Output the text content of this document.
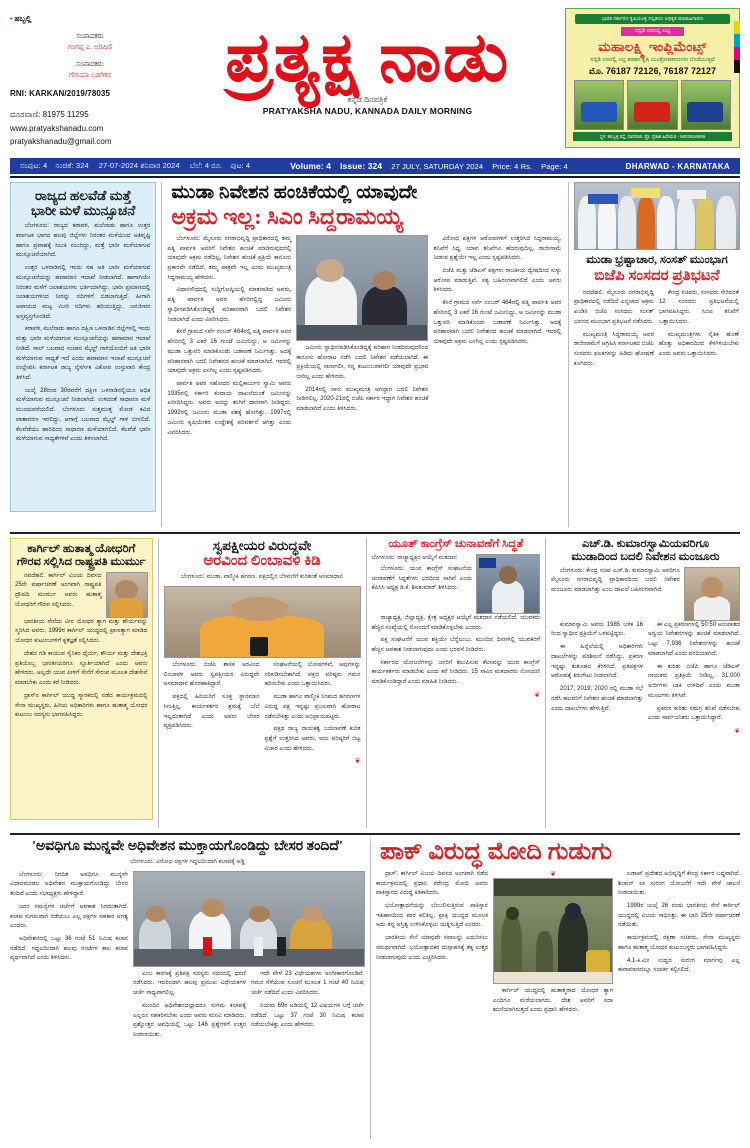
• ಹಬ್ಬಲ್ಲಿ
ಸಂಪಾದಕರು
ಗಂಗಪ್ಪ ಎ. ಅರಿಷಿಣಿ
ಸಂಪಾದಕರು
ಗೌಸಿಯಾ ಬಡಗಿಕರ
RNI: KARKAN/2019/78035
ದೂರವಾಣಿ: 81975 11295
www.pratyakshanadu.com
pratyakshanadu@gmail.com
ಪ್ರತ್ಯಕ್ಷ ನಾಡು
ಕನ್ನಡ ದಿನಪತ್ರಿಕೆ
PRATYAKSHA NADU, KANNADA DAILY MORNING
ಭಾರತ ಸರ್ಕಾರದ ಕೃಷಿಯಂತ್ರ ಸಬ್ಸಿಡಿಯ ಅಧಿಕೃತ ಮಾರಾಟಗಾರರು
ಸಬ್ಸಿಡಿ ದರದಲ್ಲಿ ಲಭ್ಯ
ಮಹಾಲಕ್ಷ್ಮಿ ಇಂಪ್ಲಿಮೆಂಟ್ಸ್
ಸಬ್ಸಿಡಿ ದರದಲ್ಲಿ ಎಲ್ಲ ತರಹದ ಕೃಷಿ ಯಂತ್ರೋಪಕರಣಗಳು ದೊರೆಯುತ್ತವೆ
ಮೊ. 76187 72126, 76187 72127
ಸ್ಥಳ: ಹುಬ್ಬಳ್ಳಿ ರಸ್ತೆ, ಧಾರವಾಡ. ಪ್ರೊ: ಪ್ರಕಾಶ ಹಿರೇಮಠ - 9833616999
ಸಂಪುಟ: 4 ಸಂಚಿಕೆ: 324 27-07-2024 ಶನಿವಾರ 2024 ಬೆಲೆ: 4 ರೂ. ಪುಟ: 4	Volume: 4 Issue: 324 27 JULY, SATURDAY 2024 Price: 4 Rs. Page: 4	DHARWAD - KARNATAKA
ರಾಜ್ಯದ ಹಲವೆಡೆ ಮತ್ತೆ
ಭಾರೀ ಮಳೆ ಮುನ್ಸೂಚನೆ

ಬೆಂಗಳೂರು: ರಾಜ್ಯದ ಕರಾವಳಿ, ಮಲೆನಾಡು ಹಾಗೂ ಉತ್ತರ ಕರ್ನಾಟಕ ಭಾಗದ ಹಲವು ಜಿಲ್ಲೆಗಳು ನಿರಂತರ ಮಳೆಯಿಂದ ಅತಿವೃಷ್ಟಿ ಹಾಗೂ ಪ್ರವಾಹಕ್ಕೆ ಸಿಲುಕಿ ನಲುಗಿದ್ದು, ಮತ್ತೆ ಭಾರೀ ಮಳೆಯಾಗುವ ಮುನ್ಸೂಚನೆಯಾಗಿದೆ.

ಉತ್ತರ ಒಳನಾಡಿನಲ್ಲಿ ಇಂದು ಸಹ ಅತಿ ಭಾರೀ ಮಳೆಯಾಗುವ ಮುನ್ಸೂಚನೆಯನ್ನು ಹವಾಮಾನ ಇಲಾಖೆ ನೀಡಲಾಗಿದೆ. ಹಾಗಾಗಿಯೇ ನಿರಂತರ ಮಳೆಗೆ ಜಲಾಶಯಗಳು ಭರ್ತಿಯಾಗಿದ್ದು, ಭಾರೀ ಪ್ರಮಾಣದಲ್ಲಿ ಜಲಾಶಯಗಳಿಂದ ನೀರನ್ನು ನದಿಗಳಿಗೆ ಬಿಡಲಾಗುತ್ತಿದೆ. ಹೀಗಾಗಿ ಅಪಾಯದ ಮಟ್ಟ ಮೀರಿ ನದಿಗಳು ಹರಿಯುತ್ತಿದ್ದು, ಜನಜೀವನ ಅಸ್ತವ್ಯಸ್ತಗೊಂಡಿದೆ.

ಕರಾವಳಿ, ಮಲೆನಾಡು ಹಾಗೂ ದಕ್ಷಿಣ ಒಳನಾಡಿನ ಜಿಲ್ಲೆಗಳಲ್ಲಿ ಇಂದು ಮತ್ತು ಭಾರೀ ಮಳೆಯಾಗುವ ಮುನ್ಸೂಚನೆಯನ್ನು ಹವಾಮಾನ ಇಲಾಖೆ ನೀಡಿದೆ. ಸಾಲ್ ಬಲವಾದ ಸಂಚಾರ ಮೈಲ್ಡ್ ಗಾಳಿಯೊಂದಿಗೆ ಅತಿ ಭಾರೀ ಮಳೆಯಾಗುವ ಸಾಧ್ಯತೆ ಇದೆ ಎಂದು ಹವಾಮಾನ ಇಲಾಖೆ ಮುನ್ಸೂಚನೆ ಉಲ್ಲೇಖಿಸಿ ಕರ್ನಾಟಕ ರಾಜ್ಯ ನೈಸರ್ಗಿಕ ವಿಕೋಪ ಉಸ್ತುವಾರಿ ಕೇಂದ್ರ ತಿಳಿಸಿದೆ.

ಜುಲೈ 28ರಿಂದ 30ರವರೆಗೆ ದಕ್ಷಿಣ ಒಳನಾಡಿನಲ್ಲಿಯೂ ಅಧಿಕ ಮಳೆಯಾಗುವ ಮುನ್ಸೂಚನೆ ನೀಡಲಾಗಿದೆ. ಉಳಿದಂತೆ ಸಾಧಾರಣ ಮಳೆ ಮುಂದುವರೆಯಲಿದೆ. ಬೆಂಗಳೂರು ಸುತ್ತಮುತ್ತ ಮೋಡ ಕವಿದ ವಾತಾವರಣ ಇರಲಿದ್ದು, ಆಗಾಗ್ಗೆ ಬಲವಾದ ಮೈಲ್ಡ್ ಗಾಳಿ ಬೀಸಲಿದೆ. ಕೆಲವೆಡೆಯು ಹಾರಿದಿಂದ ಸಾಧಾರಣ ಮಳೆಯಾಗಲಿದೆ. ಕೆಲವೆಡೆ ಭಾರೀ ಮಳೆಯಾಗುವ ಸಾಧ್ಯತೆಗಳಿವೆ ಎಂದು ತಿಳಿಸಲಾಗಿದೆ.

ಮುಡಾ ನಿವೇಶನ ಹಂಚಿಕೆಯಲ್ಲಿ ಯಾವುದೇ
ಅಕ್ರಮ ಇಲ್ಲ: ಸಿಎಂ ಸಿದ್ದರಾಮಯ್ಯ

ಬೆಂಗಳೂರು: ಮೈಸೂರು ನಗರಾಭಿವೃದ್ಧಿ ಪ್ರಾಧಿಕಾರದಲ್ಲಿ ತಮ್ಮ ಪತ್ನಿ ಪಾರ್ವತಿ ಅವರಿಗೆ ನಿವೇಶನ ಹಂಚಿಕೆ ಮಾಡಿರುವುದರಲ್ಲಿ ಯಾವುದೇ ಅಕ್ರಮ ನಡೆದಿಲ್ಲ, ನಿವೇಶನ ಹಂಚಿಕೆ ಪ್ರಕ್ರಿಯೆ ಕಾನೂನು ಪ್ರಕಾರವೇ ನಡೆದಿದೆ, ತಮ್ಮ ಪಾತ್ರವೇ ಇಲ್ಲ ಎಂದು ಮುಖ್ಯಮಂತ್ರಿ ಸಿದ್ದರಾಮಯ್ಯ ಹೇಳಿದರು.

ವಿಧಾನಸೌಧದಲ್ಲಿ ಸುದ್ದಿಗೋಷ್ಠಿಯಲ್ಲಿ ಮಾತನಾಡಿದ ಅವರು, ಪತ್ನಿ ಪಾರ್ವತಿ ಅವರ ಹೆಸರಿನಲ್ಲಿದ್ದ ಜಮೀನು ಸ್ವಾಧೀನಪಡಿಸಿಕೊಂಡಿದ್ದಕ್ಕೆ ಪರಿಹಾರವಾಗಿ ಬದಲಿ ನಿವೇಶನ ನೀಡಲಾಗಿದೆ ಎಂದು ವಿವರಿಸಿದರು.

ಕೆಸರೆ ಗ್ರಾಮದ ಸರ್ವೆ ನಂಬರ್ 464ರಲ್ಲಿ ಪತ್ನಿ ಪಾರ್ವತಿ ಅವರ ಹೆಸರಿನಲ್ಲಿ 3 ಎಕರೆ 16 ಗುಂಟೆ ಜಮೀನಿದ್ದು, ಆ ಜಮೀನನ್ನು ಮುಡಾ ಒತ್ತುವರಿ ಮಾಡಿಕೊಂಡು ಬಡಾವಣೆ ನಿರ್ಮಿಸಿತ್ತು. ಅದಕ್ಕೆ ಪರಿಹಾರವಾಗಿ ಬದಲಿ ನಿವೇಶನದ ಹಂಚಿಕೆ ಮಾಡಲಾಗಿದೆ. ಇದರಲ್ಲಿ ಯಾವುದೇ ಅಕ್ರಮ ಎಸಗಿಲ್ಲ ಎಂದು ಸ್ಪಷ್ಟಪಡಿಸಿದರು.

ಪಾರ್ವತಿ ಅವರ ಸಹೋದರ ಮಲ್ಲಿಕಾರ್ಜುನ ಸ್ವಾಮಿ ಅವರು 1935ರಲ್ಲಿ ಸರ್ಕಾರಿ ಕಂದಾಯ ದಾಖಲೆಯಂತೆ ಜಮೀನನ್ನು ಖರೀದಿಸಿದ್ದರು. ಅವರು ಅದನ್ನು ತಂಗಿಗೆ ದಾನವಾಗಿ ನೀಡಿದ್ದರು. 1992ರಲ್ಲಿ ಜಮೀನು ಮುಡಾ ವಶಕ್ಕೆ ಹೋಗಿತ್ತು. 1997ರಲ್ಲಿ ಜಮೀನು ಕೃಷಿಯೇತರ ಉದ್ದೇಶಕ್ಕೆ ಪರಿವರ್ತನೆ ಆಗಿತ್ತು ಎಂದು ವಿವರಿಸಿದರು.

ಜಮೀನು ಸ್ವಾಧೀನಪಡಿಸಿಕೊಂಡಿದ್ದಕ್ಕೆ ಪರಿಹಾರ ನೀಡದಿರುವುದರಿಂದ ಕಾನೂನು ಹೋರಾಟ ನಡೆಸಿ ಬದಲಿ ನಿವೇಶನ ಪಡೆಯಲಾಗಿದೆ. ಈ ಪ್ರಕ್ರಿಯೆಯಲ್ಲಿ ನಾನಾಗಲೀ, ನನ್ನ ಕುಟುಂಬವಾಗಲೀ ಯಾವುದೇ ಪ್ರಭಾವ ಬೀರಿಲ್ಲ ಎಂದು ಹೇಳಿದರು.

2014ರಲ್ಲಿ ನಾನು ಮುಖ್ಯಮಂತ್ರಿ ಆಗಿದ್ದಾಗ ಬದಲಿ ನಿವೇಶನ ನೀಡಿರಲಿಲ್ಲ. 2020-21ರಲ್ಲಿ ಬಿಜೆಪಿ ಸರ್ಕಾರ ಇದ್ದಾಗ ನಿವೇಶನ ಹಂಚಿಕೆ ಮಾಡಲಾಗಿದೆ ಎಂದು ತಿಳಿಸಿದರು.

ವಿರೋಧ ಪಕ್ಷಗಳ ಆರೋಪಗಳಿಗೆ ಉತ್ತರಿಸಿದ ಸಿದ್ದರಾಮಯ್ಯ, ತನಿಖೆಗೆ ಸಿದ್ಧ, ಯಾವ ತನಿಖೆಗೂ ಹೆದರುವುದಿಲ್ಲ. ರಾಜೀನಾಮೆ ನೀಡುವ ಪ್ರಶ್ನೆಯೇ ಇಲ್ಲ ಎಂದು ಸ್ಪಷ್ಟಪಡಿಸಿದರು.

ಬಿಜೆಪಿ ಮತ್ತು ಜೆಡಿಎಸ್ ಪಕ್ಷಗಳು ರಾಜಕೀಯ ದ್ವೇಷದಿಂದ ಸುಳ್ಳು ಆರೋಪ ಮಾಡುತ್ತಿವೆ. ಸತ್ಯ ಬಹಿರಂಗವಾಗಲಿದೆ ಎಂದು ಅವರು ತಿಳಿಸಿದರು.

ಕೆಸರೆ ಗ್ರಾಮದ ಸರ್ವೆ ನಂಬರ್ 464ರಲ್ಲಿ ಪತ್ನಿ ಪಾರ್ವತಿ ಅವರ ಹೆಸರಿನಲ್ಲಿ 3 ಎಕರೆ 16 ಗುಂಟೆ ಜಮೀನಿದ್ದು, ಆ ಜಮೀನನ್ನು ಮುಡಾ ಒತ್ತುವರಿ ಮಾಡಿಕೊಂಡು ಬಡಾವಣೆ ನಿರ್ಮಿಸಿತ್ತು. ಅದಕ್ಕೆ ಪರಿಹಾರವಾಗಿ ಬದಲಿ ನಿವೇಶನದ ಹಂಚಿಕೆ ಮಾಡಲಾಗಿದೆ. ಇದರಲ್ಲಿ ಯಾವುದೇ ಅಕ್ರಮ ಎಸಗಿಲ್ಲ ಎಂದು ಸ್ಪಷ್ಟಪಡಿಸಿದರು.

ಮುಡಾ ಭ್ರಷ್ಟಾಚಾರ, ಸಂಸತ್ ಮುಂಭಾಗ
ಬಿಜೆಪಿ ಸಂಸದರ ಪ್ರತಿಭಟನೆ

ನವದೆಹಲಿ: ಮೈಸೂರು ನಗರಾಭಿವೃದ್ಧಿ ಪ್ರಾಧಿಕಾರದಲ್ಲಿ ನಡೆದಿದೆ ಎನ್ನಲಾದ ಅಕ್ರಮ ಖಂಡಿಸಿ ಬಿಜೆಪಿ ಸಂಸದರು ಸಂಸತ್ ಭವನದ ಮುಂಭಾಗ ಪ್ರತಿಭಟನೆ ನಡೆಸಿದರು.

ಮುಖ್ಯಮಂತ್ರಿ ಸಿದ್ದರಾಮಯ್ಯ ಅವರ ರಾಜೀನಾಮೆಗೆ ಆಗ್ರಹಿಸಿ ಕರ್ನಾಟಕದ ಬಿಜೆಪಿ ಸಂಸದರು ಫಲಕಗಳನ್ನು ಹಿಡಿದು ಘೋಷಣೆ ಕೂಗಿದರು.

ಕೇಂದ್ರ ಸಚಿವರು, ಸಂಸದರು ಸೇರಿದಂತೆ 12 ಸಂಸದರು ಪ್ರತಿಭಟನೆಯಲ್ಲಿ ಭಾಗವಹಿಸಿದ್ದರು. ಸಿಬಿಐ ತನಿಖೆಗೆ ಒತ್ತಾಯಿಸಿದರು.

ಮುಖ್ಯಮಂತ್ರಿಗಳು ನೈತಿಕ ಹೊಣೆ ಹೊತ್ತು ಅಧಿಕಾರದಿಂದ ಕೆಳಗಿಳಿಯಬೇಕು ಎಂದು ಅವರು ಒತ್ತಾಯಿಸಿದರು.

ಕಾರ್ಗಿಲ್ ಹುತಾತ್ಮ ಯೋಧರಿಗೆ
ಗೌರವ ಸಲ್ಲಿಸಿದ ರಾಷ್ಟ್ರಪತಿ ಮುರ್ಮು

ನವದೆಹಲಿ: ಕಾರ್ಗಿಲ್ ವಿಜಯ ದಿವಸದ 25ನೇ ವರ್ಷಾಚರಣೆ ಅಂಗವಾಗಿ ರಾಷ್ಟ್ರಪತಿ ದ್ರೌಪದಿ ಮುರ್ಮು ಅವರು ಹುತಾತ್ಮ ಯೋಧರಿಗೆ ಗೌರವ ಸಲ್ಲಿಸಿದರು.

ಭಾರತೀಯ ಸೇನೆಯ ವೀರ ಯೋಧರ ತ್ಯಾಗ ಮತ್ತು ಶೌರ್ಯವನ್ನು ಸ್ಮರಿಸಿದ ಅವರು, 1999ರ ಕಾರ್ಗಿಲ್ ಯುದ್ಧದಲ್ಲಿ ಪ್ರಾಣತ್ಯಾಗ ಮಾಡಿದ ಯೋಧರ ಕುಟುಂಬಗಳಿಗೆ ಕೃತಜ್ಞತೆ ಸಲ್ಲಿಸಿದರು.

ದೇಶದ ಗಡಿ ಕಾಯುವ ಸೈನಿಕರ ಧೈರ್ಯ, ಶೌರ್ಯ ಮತ್ತು ದೇಶಭಕ್ತಿ ಪ್ರತಿಯೊಬ್ಬ ಭಾರತೀಯರಿಗೂ ಸ್ಫೂರ್ತಿಯಾಗಿದೆ ಎಂದು ಅವರು ಹೇಳಿದರು. ಅಲ್ಲದೇ ಯುವ ಪೀಳಿಗೆ ಸೇನೆಗೆ ಸೇರುವ ಮೂಲಕ ದೇಶಸೇವೆ ಮಾಡಬೇಕು ಎಂದು ಕರೆ ನೀಡಿದರು.

ದ್ರಾಸ್‌ನ ಕಾರ್ಗಿಲ್ ಯುದ್ಧ ಸ್ಮಾರಕದಲ್ಲಿ ನಡೆದ ಕಾರ್ಯಕ್ರಮದಲ್ಲಿ ಸೇನಾ ಮುಖ್ಯಸ್ಥರು, ಹಿರಿಯ ಅಧಿಕಾರಿಗಳು ಹಾಗೂ ಹುತಾತ್ಮ ಯೋಧರ ಕುಟುಂಬ ಸದಸ್ಯರು ಭಾಗವಹಿಸಿದ್ದರು.

ಸ್ವಪಕ್ಷೀಯರ ವಿರುದ್ಧವೇ
ಅರವಿಂದ ಲಿಂಬಾವಳಿ ಕಿಡಿ
ಬೆಂಗಳೂರು: ಮುಡಾ, ವಾಲ್ಮೀಕಿ ಹಗರಣ, ಪಕ್ಷದಲ್ಲಿನ ಬೆಳವಣಿಗೆ ಕುರಿತಂತೆ ಅಸಮಾಧಾನ

ಬೆಂಗಳೂರು: ಬಿಜೆಪಿ ಶಾಸಕ ಅರವಿಂದ ಲಿಂಬಾವಳಿ ಅವರು ಸ್ವಪಕ್ಷೀಯರ ವಿರುದ್ಧವೇ ಅಸಮಾಧಾನ ಹೊರಹಾಕಿದ್ದಾರೆ.

ಪಕ್ಷದಲ್ಲಿ ಹಿರಿಯರಿಗೆ ಸೂಕ್ತ ಸ್ಥಾನಮಾನ ಸಿಗುತ್ತಿಲ್ಲ. ಕಾರ್ಯಕರ್ತರ ಶ್ರಮಕ್ಕೆ ಬೆಲೆ ಇಲ್ಲದಂತಾಗಿದೆ ಎಂದು ಅವರು ಬೇಸರ ವ್ಯಕ್ತಪಡಿಸಿದರು.

ಸಂಘಟನೆಯಲ್ಲಿ ಲೋಪಗಳಿವೆ, ಅವುಗಳನ್ನು ಸರಿಪಡಿಸಬೇಕಾಗಿದೆ. ಪಕ್ಷದ ವರಿಷ್ಠರು ಗಮನ ಹರಿಸಬೇಕು ಎಂದು ಒತ್ತಾಯಿಸಿದರು.

ಮುಡಾ ಹಾಗೂ ವಾಲ್ಮೀಕಿ ನಿಗಮದ ಹಗರಣಗಳ ವಿರುದ್ಧ ಪಕ್ಷ ಇನ್ನಷ್ಟು ಪ್ರಬಲವಾಗಿ ಹೋರಾಟ ನಡೆಸಬೇಕಿತ್ತು ಎಂದು ಅಭಿಪ್ರಾಯಪಟ್ಟರು.

ಪಕ್ಷದ ರಾಜ್ಯ ನಾಯಕತ್ವ ಬದಲಾವಣೆ ಕುರಿತ ಪ್ರಶ್ನೆಗೆ ಉತ್ತರಿಸಿದ ಅವರು, ಅದು ವರಿಷ್ಠರಿಗೆ ಬಿಟ್ಟ ವಿಚಾರ ಎಂದು ಹೇಳಿದರು.

❦
ಯೂತ್ ಕಾಂಗ್ರೆಸ್ ಚುನಾವಣೆಗೆ ಸಿದ್ಧತೆ
ಬೆಂಗಳೂರು: ರಾಜ್ಯಾಧ್ಯಕ್ಷರ ಆಯ್ಕೆಗೆ ಮತದಾನ

ಬೆಂಗಳೂರು: ಯುವ ಕಾಂಗ್ರೆಸ್ ಸಂಘಟನೆಯ ಚುನಾವಣೆಗೆ ಸಿದ್ಧತೆಗಳು ಭರದಿಂದ ಸಾಗಿವೆ ಎಂದು ಕೆಪಿಸಿಸಿ ಅಧ್ಯಕ್ಷ ಡಿ.ಕೆ. ಶಿವಕುಮಾರ್ ತಿಳಿಸಿದರು.

ರಾಜ್ಯಾಧ್ಯಕ್ಷ, ಜಿಲ್ಲಾಧ್ಯಕ್ಷ, ಕ್ಷೇತ್ರ ಅಧ್ಯಕ್ಷರ ಆಯ್ಕೆಗೆ ಮತದಾನ ನಡೆಯಲಿದೆ. ಯುವಕರು ಹೆಚ್ಚಿನ ಸಂಖ್ಯೆಯಲ್ಲಿ ನೋಂದಣಿ ಮಾಡಿಕೊಳ್ಳಬೇಕು ಎಂದರು.

ಪಕ್ಷ ಸಂಘಟನೆಗೆ ಯುವ ಶಕ್ತಿಯೇ ಬೆನ್ನೆಲುಬು. ಮುಂದಿನ ದಿನಗಳಲ್ಲಿ ಯುವಕರಿಗೆ ಹೆಚ್ಚಿನ ಅವಕಾಶ ನೀಡಲಾಗುವುದು ಎಂದು ಭರವಸೆ ನೀಡಿದರು.

ಸರ್ಕಾರದ ಯೋಜನೆಗಳನ್ನು ಜನರಿಗೆ ತಲುಪಿಸುವ ಕೆಲಸವನ್ನು ಯುವ ಕಾಂಗ್ರೆಸ್ ಕಾರ್ಯಕರ್ತರು ಮಾಡಬೇಕು ಎಂದು ಕರೆ ನೀಡಿದರು. 15 ಸಾವಿರ ಮತದಾರರು ನೋಂದಣಿ ಮಾಡಿಕೊಂಡಿದ್ದಾರೆ ಎಂದು ಮಾಹಿತಿ ನೀಡಿದರು.

❦
ಎಚ್.ಡಿ. ಕುಮಾರಸ್ವಾಮಿಯವರಿಗೂ
ಮುಡಾದಿಂದ ಬದಲಿ ನಿವೇಶನ ಮಂಜೂರು

ಬೆಂಗಳೂರು: ಕೇಂದ್ರ ಸಚಿವ ಎಚ್.ಡಿ. ಕುಮಾರಸ್ವಾಮಿ ಅವರಿಗೂ ಮೈಸೂರು ನಗರಾಭಿವೃದ್ಧಿ ಪ್ರಾಧಿಕಾರದಿಂದ ಬದಲಿ ನಿವೇಶನ ಮಂಜೂರು ಮಾಡಲಾಗಿತ್ತು ಎಂಬ ದಾಖಲೆ ಬಹಿರಂಗವಾಗಿದೆ.

ಕುಮಾರಸ್ವಾಮಿ ಅವರು 1985 ಬಳಿಕ 16 ರಿಂದ ಸ್ವಾಧೀನ ಪ್ರಕ್ರಿಯೆಗೆ ಒಳಪಟ್ಟಿದ್ದರು.

ಈ ಹಿನ್ನೆಲೆಯಲ್ಲಿ ಅಧಿಕಾರಿಗಳು ದಾಖಲೆಗಳನ್ನು ಪರಿಶೀಲನೆ ನಡೆಸಿದ್ದು, ಪ್ರಕರಣ ಇನ್ನಷ್ಟು ಕುತೂಹಲ ಕೆರಳಿಸಿದೆ. ಪ್ರತಿಪಕ್ಷಗಳ ಆರೋಪಕ್ಕೆ ತಿರುಗೇಟು ನೀಡಲಾಗಿದೆ.

2017, 2019, 2020 ರಲ್ಲಿ ಮುಡಾ ಸಭೆ ನಡೆಸಿ ಹಲವರಿಗೆ ನಿವೇಶನ ಹಂಚಿಕೆ ಮಾಡಲಾಗಿತ್ತು ಎಂದು ದಾಖಲೆಗಳು ಹೇಳುತ್ತಿವೆ.

ಈ ಎಲ್ಲ ಪ್ರಕರಣಗಳಲ್ಲಿ 50:50 ಅನುಪಾತದ ಅನ್ವಯ ನಿವೇಶನಗಳನ್ನು ಹಂಚಿಕೆ ಮಾಡಲಾಗಿದೆ. ಒಟ್ಟು 7,936 ನಿವೇಶನಗಳನ್ನು ಹಂಚಿಕೆ ಮಾಡಲಾಗಿದೆ ಎಂದು ವರದಿಯಾಗಿದೆ.

ಈ ಕುರಿತು ಬಿಜೆಪಿ ಹಾಗೂ ಜೆಡಿಎಸ್ ನಾಯಕರು ಪ್ರತಿಕ್ರಿಯೆ ನೀಡಿಲ್ಲ. 31,000 ಅರ್ಜಿಗಳು ಬಾಕಿ ಉಳಿದಿವೆ ಎಂದು ಮುಡಾ ಮೂಲಗಳು ತಿಳಿಸಿವೆ.

ಪ್ರಕರಣ ಕುರಿತು ಸಮಗ್ರ ತನಿಖೆ ನಡೆಸಬೇಕು ಎಂದು ಸಾರ್ವಜನಿಕರು ಒತ್ತಾಯಿಸಿದ್ದಾರೆ.

❦
'ಅವಧಿಗೂ ಮುನ್ನವೇ ಅಧಿವೇಶನ ಮುಕ್ತಾಯಗೊಂಡಿದ್ದು ಬೇಸರ ತಂದಿದೆ'
ಬೆಂಗಳೂರು: ವಿರೋಧ ಪಕ್ಷಗಳ ಗದ್ದಲದಿಂದಾಗಿ ಕಲಾಪಕ್ಕೆ ಅಡ್ಡಿ

ಬೆಂಗಳೂರು: ನಿಗದಿತ ಅವಧಿಗೂ ಮುನ್ನವೇ ವಿಧಾನಮಂಡಲ ಅಧಿವೇಶನ ಮುಕ್ತಾಯಗೊಂಡಿದ್ದು ಬೇಸರ ತಂದಿದೆ ಎಂದು ಸಭಾಧ್ಯಕ್ಷರು ಹೇಳಿದ್ದಾರೆ.

ಜನರ ಸಮಸ್ಯೆಗಳ ಚರ್ಚೆಗೆ ಅವಕಾಶ ಸಿಗದಂತಾಗಿದೆ. ಕಲಾಪ ಸುಗಮವಾಗಿ ನಡೆಯಲು ಎಲ್ಲ ಪಕ್ಷಗಳ ಸಹಕಾರ ಅಗತ್ಯ ಎಂದರು.

ಅಧಿವೇಶನದಲ್ಲಿ ಒಟ್ಟು 36 ಗಂಟೆ 51 ನಿಮಿಷ ಕಲಾಪ ನಡೆದಿದೆ. ಗದ್ದಲದಿಂದಾಗಿ ಹಲವು ಗಂಟೆಗಳ ಕಾಲ ಕಲಾಪ ವ್ಯರ್ಥವಾಗಿದೆ ಎಂದು ತಿಳಿಸಿದರು.

ಎಂಬ ಕಾರಣಕ್ಕೆ ಪ್ರತಿಪಕ್ಷ ಸದಸ್ಯರು ಸದನದಲ್ಲಿ ಧರಣಿ ನಡೆಸಿದರು. ಇದರಿಂದಾಗಿ ಹಲವು ಪ್ರಮುಖ ವಿಧೇಯಕಗಳ ಚರ್ಚೆ ಸಾಧ್ಯವಾಗಲಿಲ್ಲ.

ಮುಂದಿನ ಅಧಿವೇಶನದಲ್ಲಾದರೂ ಸುಗಮ ಕಲಾಪಕ್ಕೆ ಎಲ್ಲರೂ ಸಹಕರಿಸಬೇಕು ಎಂದು ಅವರು ಮನವಿ ಮಾಡಿದರು. ಪ್ರಶ್ನೋತ್ತರ ಅವಧಿಯಲ್ಲಿ ಒಟ್ಟು 146 ಪ್ರಶ್ನೆಗಳಿಗೆ ಉತ್ತರ ನೀಡಲಾಯಿತು.

ಇದೇ ವೇಳೆ 23 ವಿಧೇಯಕಗಳು ಅಂಗೀಕಾರಗೊಂಡಿವೆ. ಗಮನ ಸೆಳೆಯುವ ಸೂಚನೆ ಮೂಲಕ 1 ಗಂಟೆ 40 ನಿಮಿಷ ಚರ್ಚೆ ನಡೆದಿದೆ ಎಂದು ವಿವರಿಸಿದರು.

ನಿಯಮ 69ರ ಅಡಿಯಲ್ಲಿ 12 ವಿಷಯಗಳ ಬಗ್ಗೆ ಚರ್ಚೆ ನಡೆದಿದೆ. ಒಟ್ಟು 37 ಗಂಟೆ 30 ನಿಮಿಷ ಕಲಾಪ ನಡೆಯಬೇಕಿತ್ತು ಎಂದು ಹೇಳಿದರು.

ಪಾಕ್ ವಿರುದ್ಧ ಮೋದಿ ಗುಡುಗು

ದ್ರಾಸ್: ಕಾರ್ಗಿಲ್ ವಿಜಯ ದಿವಸದ ಅಂಗವಾಗಿ ನಡೆದ ಕಾರ್ಯಕ್ರಮದಲ್ಲಿ ಪ್ರಧಾನಿ ನರೇಂದ್ರ ಮೋದಿ ಅವರು ಪಾಕಿಸ್ತಾನದ ವಿರುದ್ಧ ಕಿಡಿಕಾರಿದರು.

ಭಯೋತ್ಪಾದನೆಯನ್ನು ಬೆಂಬಲಿಸುತ್ತಿರುವ ಪಾಕಿಸ್ತಾನ ಇತಿಹಾಸದಿಂದ ಪಾಠ ಕಲಿತಿಲ್ಲ. ಪ್ರಾಕ್ಸಿ ಯುದ್ಧದ ಮೂಲಕ ಅದು ತನ್ನ ಅಸ್ತಿತ್ವ ಉಳಿಸಿಕೊಳ್ಳಲು ಯತ್ನಿಸುತ್ತಿದೆ ಎಂದರು.

ಭಾರತೀಯ ಸೇನೆ ಯಾವುದೇ ಸವಾಲನ್ನು ಎದುರಿಸಲು ಸಮರ್ಥವಾಗಿದೆ. ಭಯೋತ್ಪಾದಕರ ದುಸ್ಸಾಹಸಕ್ಕೆ ತಕ್ಕ ಉತ್ತರ ನೀಡಲಾಗುವುದು ಎಂದು ಎಚ್ಚರಿಸಿದರು.

❦

ಕಾರ್ಗಿಲ್ ಯುದ್ಧದಲ್ಲಿ ಹುತಾತ್ಮರಾದ ಯೋಧರ ತ್ಯಾಗ ಎಂದಿಗೂ ಮರೆಯಲಾಗದು. ದೇಶ ಅವರಿಗೆ ಸದಾ ಋಣಿಯಾಗಿರುತ್ತದೆ ಎಂದು ಪ್ರಧಾನಿ ಹೇಳಿದರು.

ಲಡಾಖ್ ಪ್ರದೇಶದ ಅಭಿವೃದ್ಧಿಗೆ ಕೇಂದ್ರ ಸರ್ಕಾರ ಬದ್ಧವಾಗಿದೆ. ಶಿಂಕುನ್ ಲಾ ಸುರಂಗ ಯೋಜನೆಗೆ ಇದೇ ವೇಳೆ ಚಾಲನೆ ನೀಡಲಾಯಿತು.

1999ರ ಜುಲೈ 26 ರಂದು ಭಾರತೀಯ ಸೇನೆ ಕಾರ್ಗಿಲ್ ಯುದ್ಧದಲ್ಲಿ ವಿಜಯ ಸಾಧಿಸಿತ್ತು. ಈ ಬಾರಿ 25ನೇ ವರ್ಷಾಚರಣೆ ನಡೆಯಿತು.

ಕಾರ್ಯಕ್ರಮದಲ್ಲಿ ರಕ್ಷಣಾ ಸಚಿವರು, ಸೇನಾ ಮುಖ್ಯಸ್ಥರು ಹಾಗೂ ಹುತಾತ್ಮ ಯೋಧರ ಕುಟುಂಬಸ್ಥರು ಭಾಗವಹಿಸಿದ್ದರು.

4.1-ಕಿ.ಮೀ ಉದ್ದದ ಸುರಂಗ ಮಾರ್ಗವು ಎಲ್ಲ ಹವಾಮಾನದಲ್ಲೂ ಸಂಪರ್ಕ ಕಲ್ಪಿಸಲಿದೆ.
